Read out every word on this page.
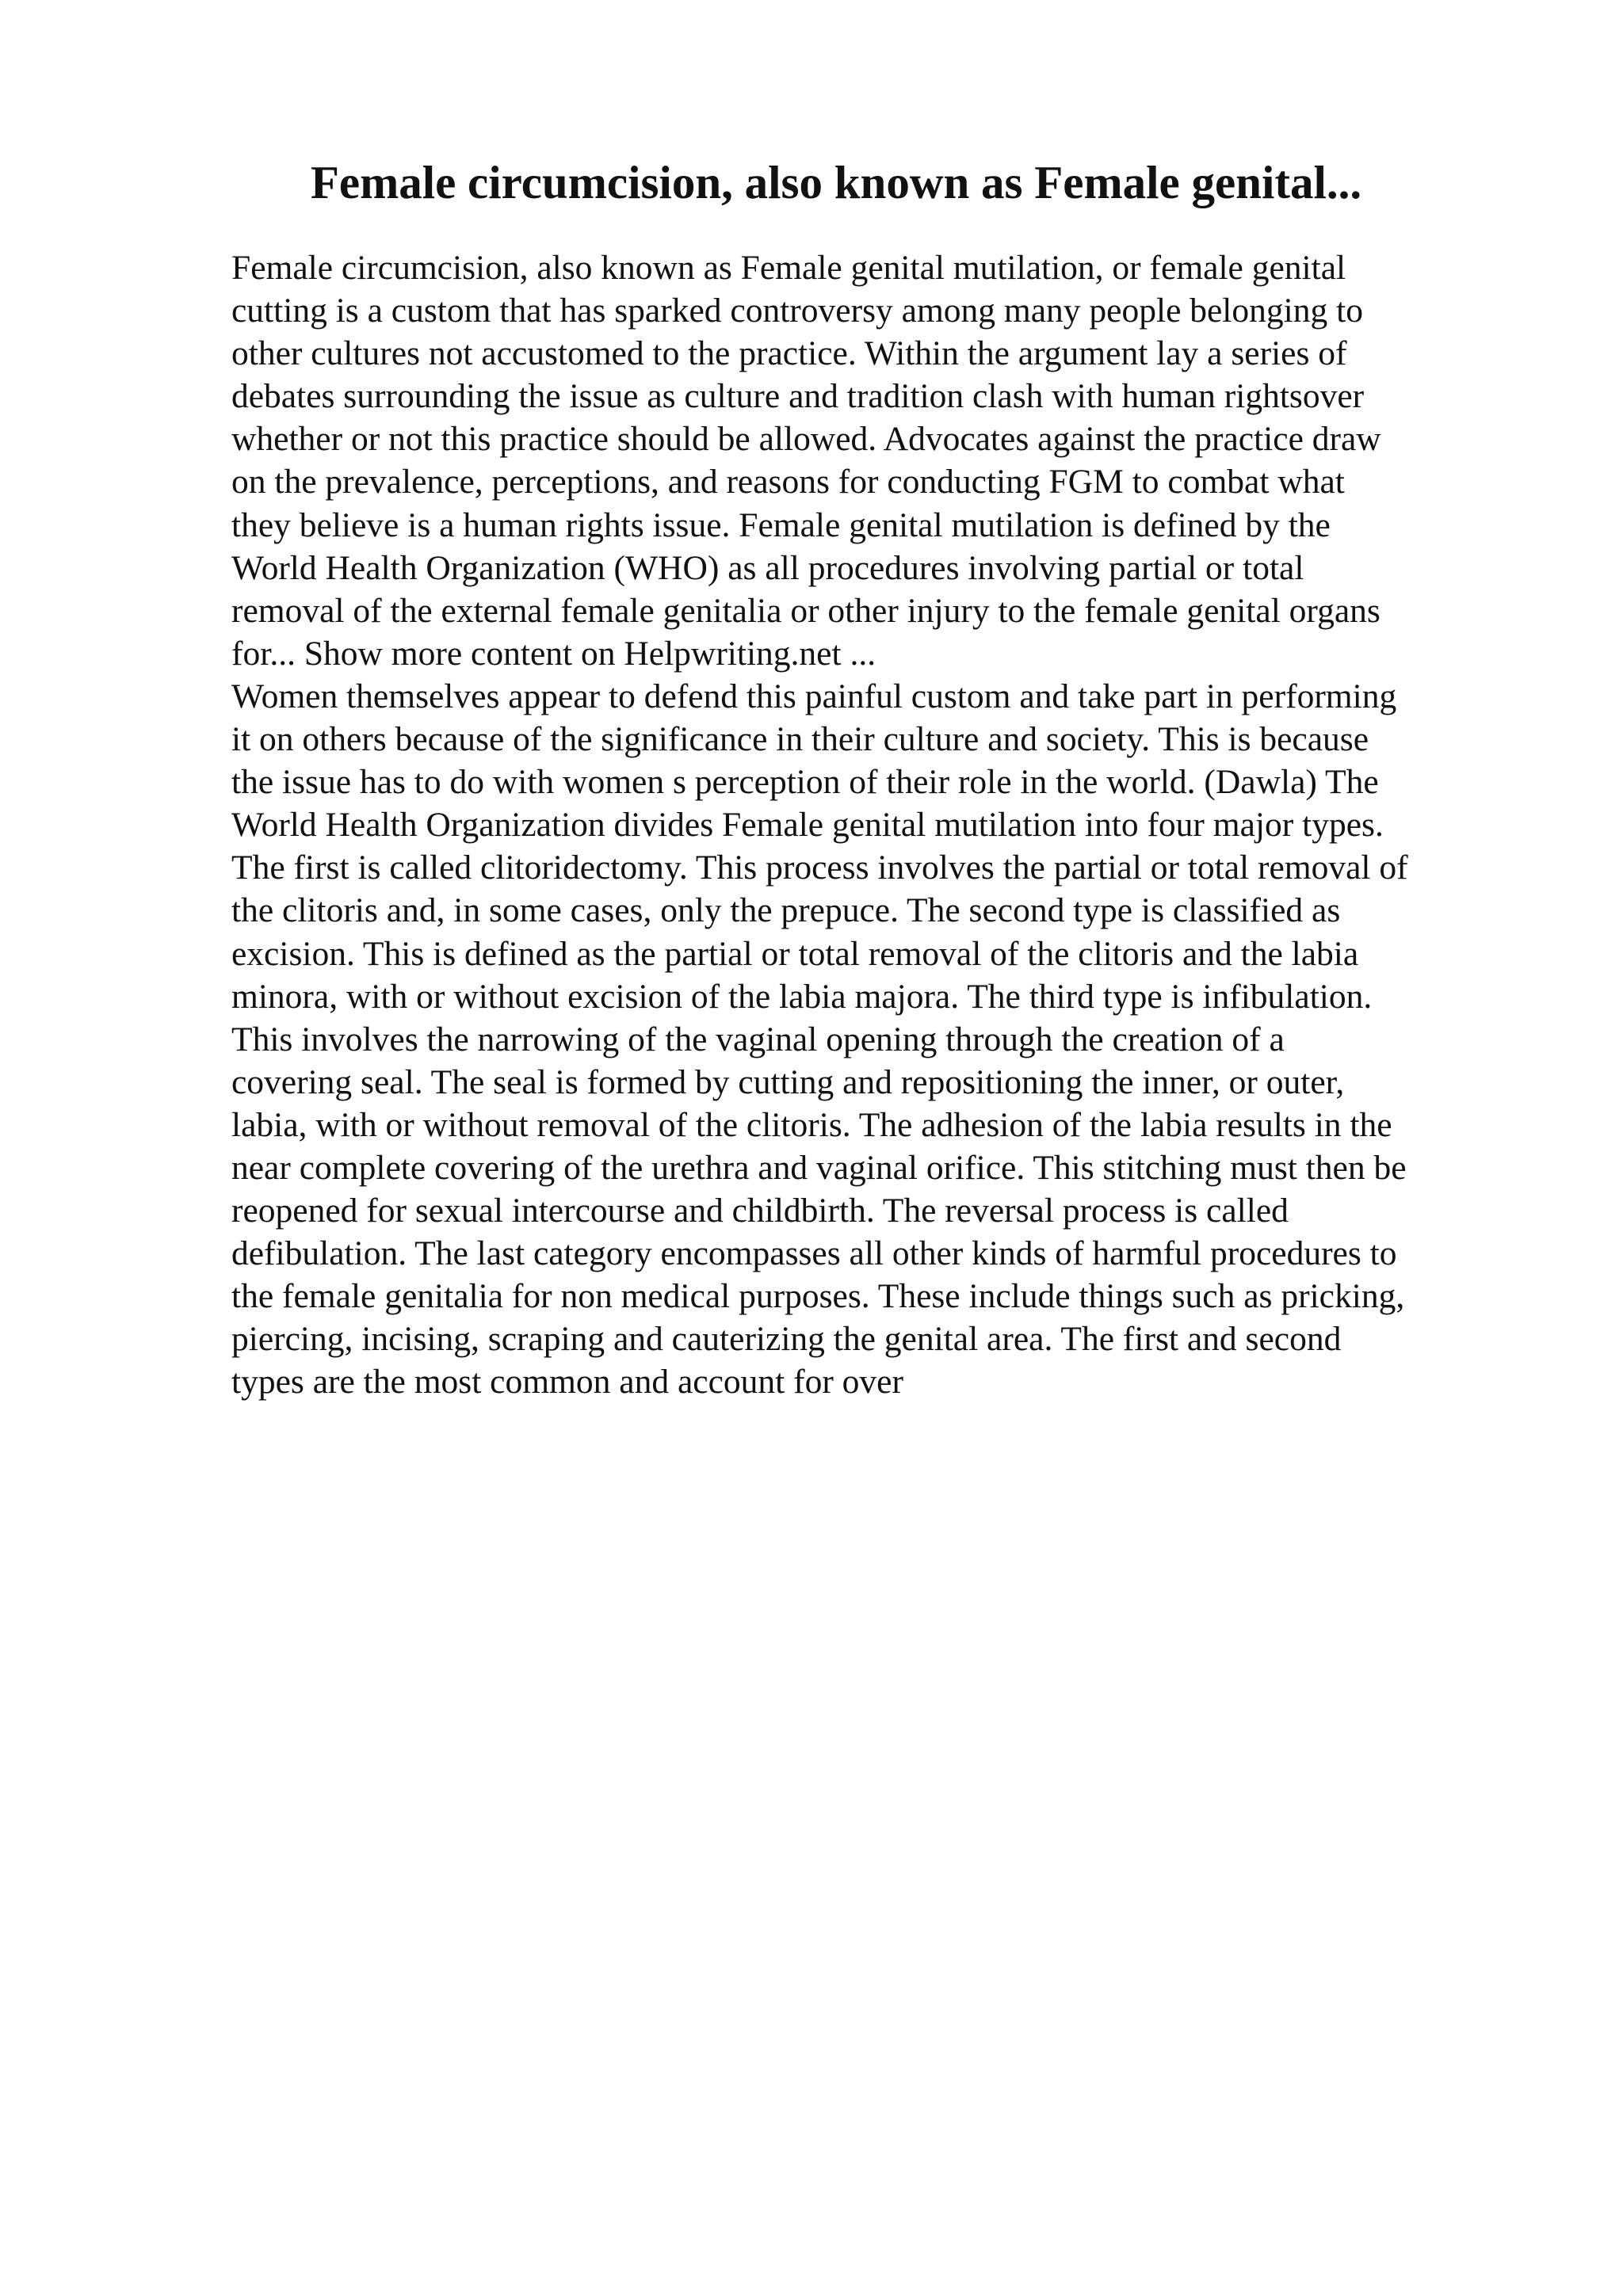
Female circumcision, also known as Female genital...
Female circumcision, also known as Female genital mutilation, or female genital
cutting is a custom that has sparked controversy among many people belonging to
other cultures not accustomed to the practice. Within the argument lay a series of
debates surrounding the issue as culture and tradition clash with human rightsover
whether or not this practice should be allowed. Advocates against the practice draw
on the prevalence, perceptions, and reasons for conducting FGM to combat what
they believe is a human rights issue. Female genital mutilation is defined by the
World Health Organization (WHO) as all procedures involving partial or total
removal of the external female genitalia or other injury to the female genital organs
for... Show more content on Helpwriting.net ...
Women themselves appear to defend this painful custom and take part in performing
it on others because of the significance in their culture and society. This is because
the issue has to do with women s perception of their role in the world. (Dawla) The
World Health Organization divides Female genital mutilation into four major types.
The first is called clitoridectomy. This process involves the partial or total removal of
the clitoris and, in some cases, only the prepuce. The second type is classified as
excision. This is defined as the partial or total removal of the clitoris and the labia
minora, with or without excision of the labia majora. The third type is infibulation.
This involves the narrowing of the vaginal opening through the creation of a
covering seal. The seal is formed by cutting and repositioning the inner, or outer,
labia, with or without removal of the clitoris. The adhesion of the labia results in the
near complete covering of the urethra and vaginal orifice. This stitching must then be
reopened for sexual intercourse and childbirth. The reversal process is called
defibulation. The last category encompasses all other kinds of harmful procedures to
the female genitalia for non medical purposes. These include things such as pricking,
piercing, incising, scraping and cauterizing the genital area. The first and second
types are the most common and account for over
